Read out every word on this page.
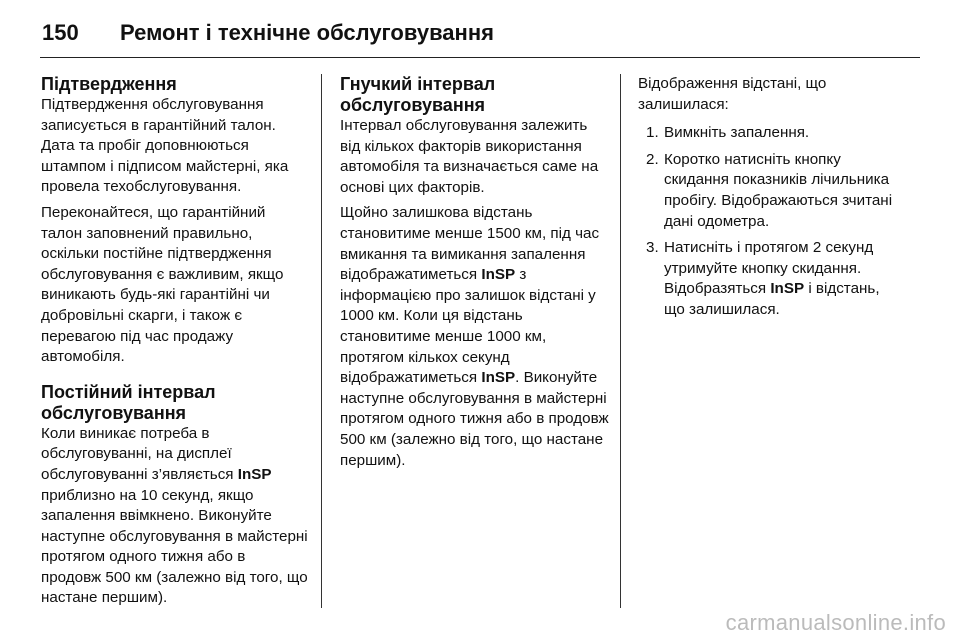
150 Ремонт і технічне обслуговування
Підтвердження

Підтвердження обслуговування записується в гарантійний талон. Дата та пробіг доповнюються штампом і підписом майстерні, яка провела техобслуговування.

Переконайтеся, що гарантійний талон заповнений правильно, оскільки постійне підтвердження обслуговування є важливим, якщо виникають будь-які гарантійні чи добровільні скарги, і також є перевагою під час продажу автомобіля.

Постійний інтервал обслуговування

Коли виникає потреба в обслуговуванні, на дисплеї обслуговуванні з’являється InSP приблизно на 10 секунд, якщо запалення ввімкнено. Виконуйте наступне обслуговування в майстерні протягом одного тижня або в продовж 500 км (залежно від того, що настане першим).

Гнучкий інтервал обслуговування

Інтервал обслуговування залежить від кількох факторів використання автомобіля та визначається саме на основі цих факторів.

Щойно залишкова відстань становитиме менше 1500 км, під час вмикання та вимикання запалення відображатиметься InSP з інформацією про залишок відстані у 1000 км. Коли ця відстань становитиме менше 1000 км, протягом кількох секунд відображатиметься InSP. Виконуйте наступне обслуговування в майстерні протягом одного тижня або в продовж 500 км (залежно від того, що настане першим).

Відображення відстані, що залишилася:

1. Вимкніть запалення.
2. Коротко натисніть кнопку скидання показників лічильника пробігу. Відображаються зчитані дані одометра.
3. Натисніть і протягом 2 секунд утримуйте кнопку скидання. Відобразяться InSP і відстань, що залишилася.
carmanualsonline.info
